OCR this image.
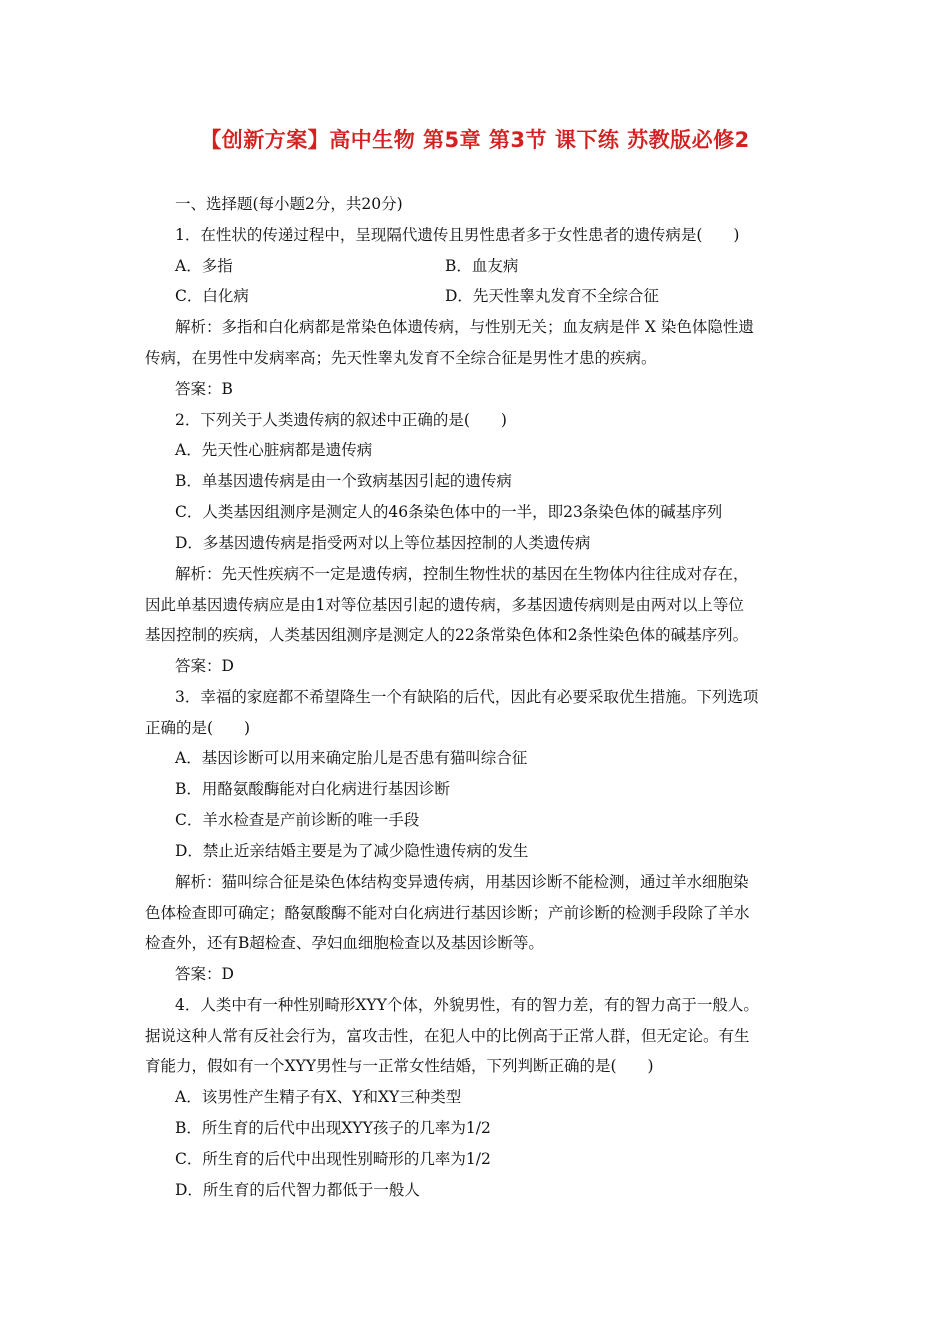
【创新方案】高中生物 第5章 第3节 课下练 苏教版必修2
一、选择题(每小题2分，共20分)
1．在性状的传递过程中，呈现隔代遗传且男性患者多于女性患者的遗传病是(　　)
A．多指	B．血友病
C．白化病	D．先天性睾丸发育不全综合征
解析：多指和白化病都是常染色体遗传病，与性别无关；血友病是伴 X 染色体隐性遗
传病，在男性中发病率高；先天性睾丸发育不全综合征是男性才患的疾病。
答案：B
2．下列关于人类遗传病的叙述中正确的是(　　)
A．先天性心脏病都是遗传病
B．单基因遗传病是由一个致病基因引起的遗传病
C．人类基因组测序是测定人的46条染色体中的一半，即23条染色体的碱基序列
D．多基因遗传病是指受两对以上等位基因控制的人类遗传病
解析：先天性疾病不一定是遗传病，控制生物性状的基因在生物体内往往成对存在，
因此单基因遗传病应是由1对等位基因引起的遗传病，多基因遗传病则是由两对以上等位
基因控制的疾病，人类基因组测序是测定人的22条常染色体和2条性染色体的碱基序列。
答案：D
3．幸福的家庭都不希望降生一个有缺陷的后代，因此有必要采取优生措施。下列选项
正确的是(　　)
A．基因诊断可以用来确定胎儿是否患有猫叫综合征
B．用酪氨酸酶能对白化病进行基因诊断
C．羊水检查是产前诊断的唯一手段
D．禁止近亲结婚主要是为了减少隐性遗传病的发生
解析：猫叫综合征是染色体结构变异遗传病，用基因诊断不能检测，通过羊水细胞染
色体检查即可确定；酪氨酸酶不能对白化病进行基因诊断；产前诊断的检测手段除了羊水
检查外，还有B超检查、孕妇血细胞检查以及基因诊断等。
答案：D
4．人类中有一种性别畸形XYY个体，外貌男性，有的智力差，有的智力高于一般人。
据说这种人常有反社会行为，富攻击性，在犯人中的比例高于正常人群，但无定论。有生
育能力，假如有一个XYY男性与一正常女性结婚，下列判断正确的是(　　)
A．该男性产生精子有X、Y和XY三种类型
B．所生育的后代中出现XYY孩子的几率为1/2
C．所生育的后代中出现性别畸形的几率为1/2
D．所生育的后代智力都低于一般人
